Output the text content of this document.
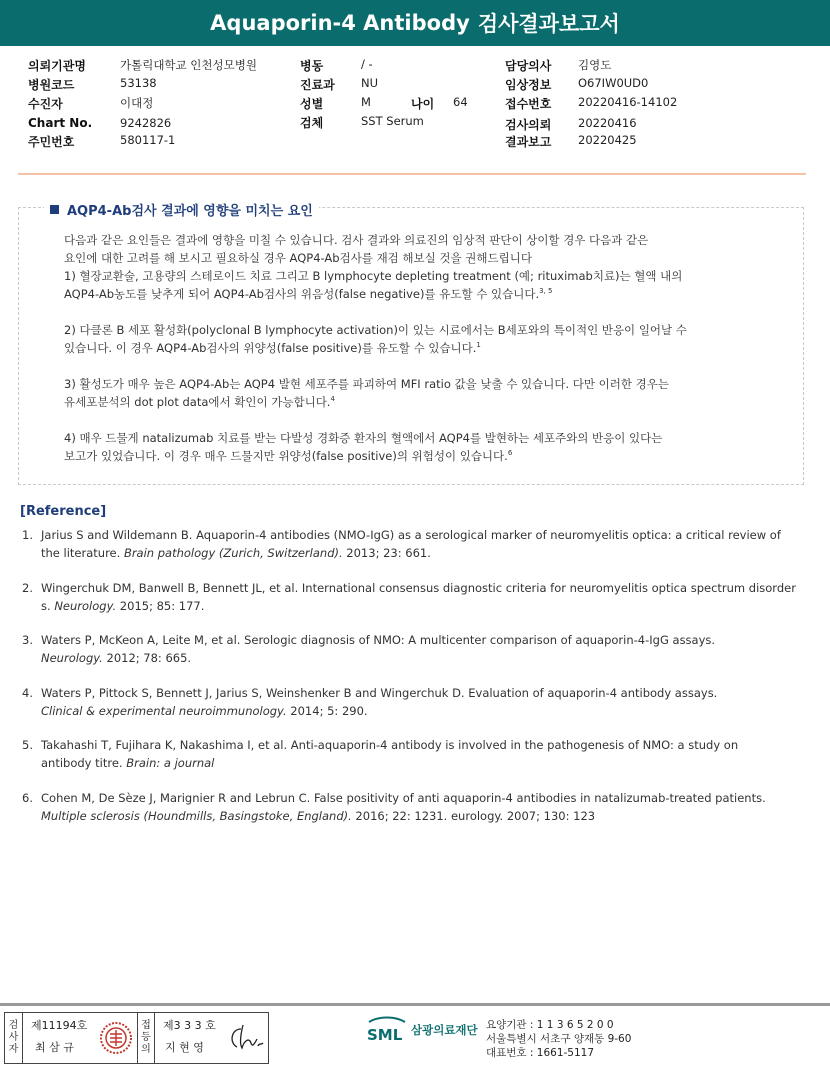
Aquaporin-4 Antibody 검사결과보고서
의뢰기관명	가톨릭대학교 인천성모병원
병원코드	53138
수진자	이대정
Chart No. 9242826
주민번호	580117-1
병동	/ -
진료과 NU
성별	M	나이 64
검체	SST Serum
담당의사 김영도
임상정보 O67IW0UD0
접수번호 20220416-14102
검사의뢰 20220416
결과보고 20220425
AQP4-Ab검사 결과에 영향을 미치는 요인

다음과 같은 요인들은 결과에 영향을 미칠 수 있습니다. 검사 결과와 의료진의 임상적 판단이 상이할 경우 다음과 같은

요인에 대한 고려를 해 보시고 필요하실 경우 AQP4-Ab검사를 재검 해보실 것을 권해드립니다

1) 혈장교환술, 고용량의 스테로이드 치료 그리고 B lymphocyte depleting treatment (예; rituximab치료)는 혈액 내의

AQP4-Ab농도를 낮추게 되어 AQP4-Ab검사의 위음성(false negative)를 유도할 수 있습니다.$^{3, 5}$

2) 다클론 B 세포 활성화(polyclonal B lymphocyte activation)이 있는 시료에서는 B세포와의 특이적인 반응이 일어날 수

있습니다. 이 경우 AQP4-Ab검사의 위양성(false positive)를 유도할 수 있습니다.$^1$

3) 활성도가 매우 높은 AQP4-Ab는 AQP4 발현 세포주를 파괴하여 MFI ratio 값을 낮출 수 있습니다. 다만 이러한 경우는

유세포분석의 dot plot data에서 확인이 가능합니다.$^4$

4) 매우 드물게 natalizumab 치료를 받는 다발성 경화증 환자의 혈액에서 AQP4를 발현하는 세포주와의 반응이 있다는

보고가 있었습니다. 이 경우 매우 드물지만 위양성(false positive)의 위험성이 있습니다.$^6$

[Reference]
1. Jarius S and Wildemann B. Aquaporin-4 antibodies (NMO-IgG) as a serological marker of neuromyelitis optica: a critical review of
the literature. Brain pathology (Zurich, Switzerland). 2013; 23: 661.
2. Wingerchuk DM, Banwell B, Bennett JL, et al. International consensus diagnostic criteria for neuromyelitis optica spectrum disorder
s. Neurology. 2015; 85: 177.
3. Waters P, McKeon A, Leite M, et al. Serologic diagnosis of NMO: A multicenter comparison of aquaporin-4-IgG assays.
Neurology. 2012; 78: 665.
4. Waters P, Pittock S, Bennett J, Jarius S, Weinshenker B and Wingerchuk D. Evaluation of aquaporin-4 antibody assays.
Clinical & experimental neuroimmunology. 2014; 5: 290.
5. Takahashi T, Fujihara K, Nakashima I, et al. Anti-aquaporin-4 antibody is involved in the pathogenesis of NMO: a study on
antibody titre. Brain: a journal
6. Cohen M, De Sèze J, Marignier R and Lebrun C. False positivity of anti aquaporin-4 antibodies in natalizumab-treated patients.
Multiple sclerosis (Houndmills, Basingstoke, England). 2016; 22: 1231. eurology. 2007; 130: 123
검
사
자
제11194호
최 삼 규
접
등
의
제3 3 3 호
지 현 영
SML 삼광의료재단 요양기관 : 1 1 3 6 5 2 0 0
서울특별시 서초구 양재동 9-60
대표번호 : 1661-5117
